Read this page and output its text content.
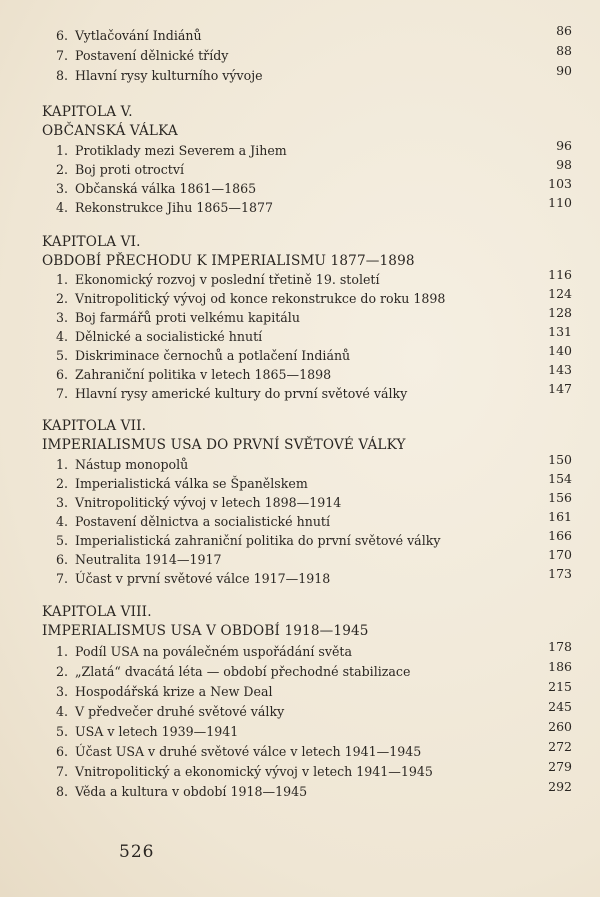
6. Vytlačování Indiánů	86
7. Postavení dělnické třídy	88
8. Hlavní rysy kulturního vývoje	90
KAPITOLA V.
OBČANSKÁ VÁLKA
1. Protiklady mezi Severem a Jihem	96
2. Boj proti otroctví	98
3. Občanská válka 1861—1865	103
4. Rekonstrukce Jihu 1865—1877	110
KAPITOLA VI.
OBDOBÍ PŘECHODU K IMPERIALISMU 1877—1898
1. Ekonomický rozvoj v poslední třetině 19. století	116
2. Vnitropolitický vývoj od konce rekonstrukce do roku 1898	124
3. Boj farmářů proti velkému kapitálu	128
4. Dělnické a socialistické hnutí	131
5. Diskriminace černochů a potlačení Indiánů	140
6. Zahraniční politika v letech 1865—1898	143
7. Hlavní rysy americké kultury do první světové války	147
KAPITOLA VII.
IMPERIALISMUS USA DO PRVNÍ SVĚTOVÉ VÁLKY
1. Nástup monopolů	150
2. Imperialistická válka se Španělskem	154
3. Vnitropolitický vývoj v letech 1898—1914	156
4. Postavení dělnictva a socialistické hnutí	161
5. Imperialistická zahraniční politika do první světové války	166
6. Neutralita 1914—1917	170
7. Účast v první světové válce 1917—1918	173
KAPITOLA VIII.
IMPERIALISMUS USA V OBDOBÍ 1918—1945
1. Podíl USA na poválečném uspořádání světa	178
2. „Zlatá“ dvacátá léta — období přechodné stabilizace	186
3. Hospodářská krize a New Deal	215
4. V předvečer druhé světové války	245
5. USA v letech 1939—1941	260
6. Účast USA v druhé světové válce v letech 1941—1945	272
7. Vnitropolitický a ekonomický vývoj v letech 1941—1945	279
8. Věda a kultura v období 1918—1945	292
526
